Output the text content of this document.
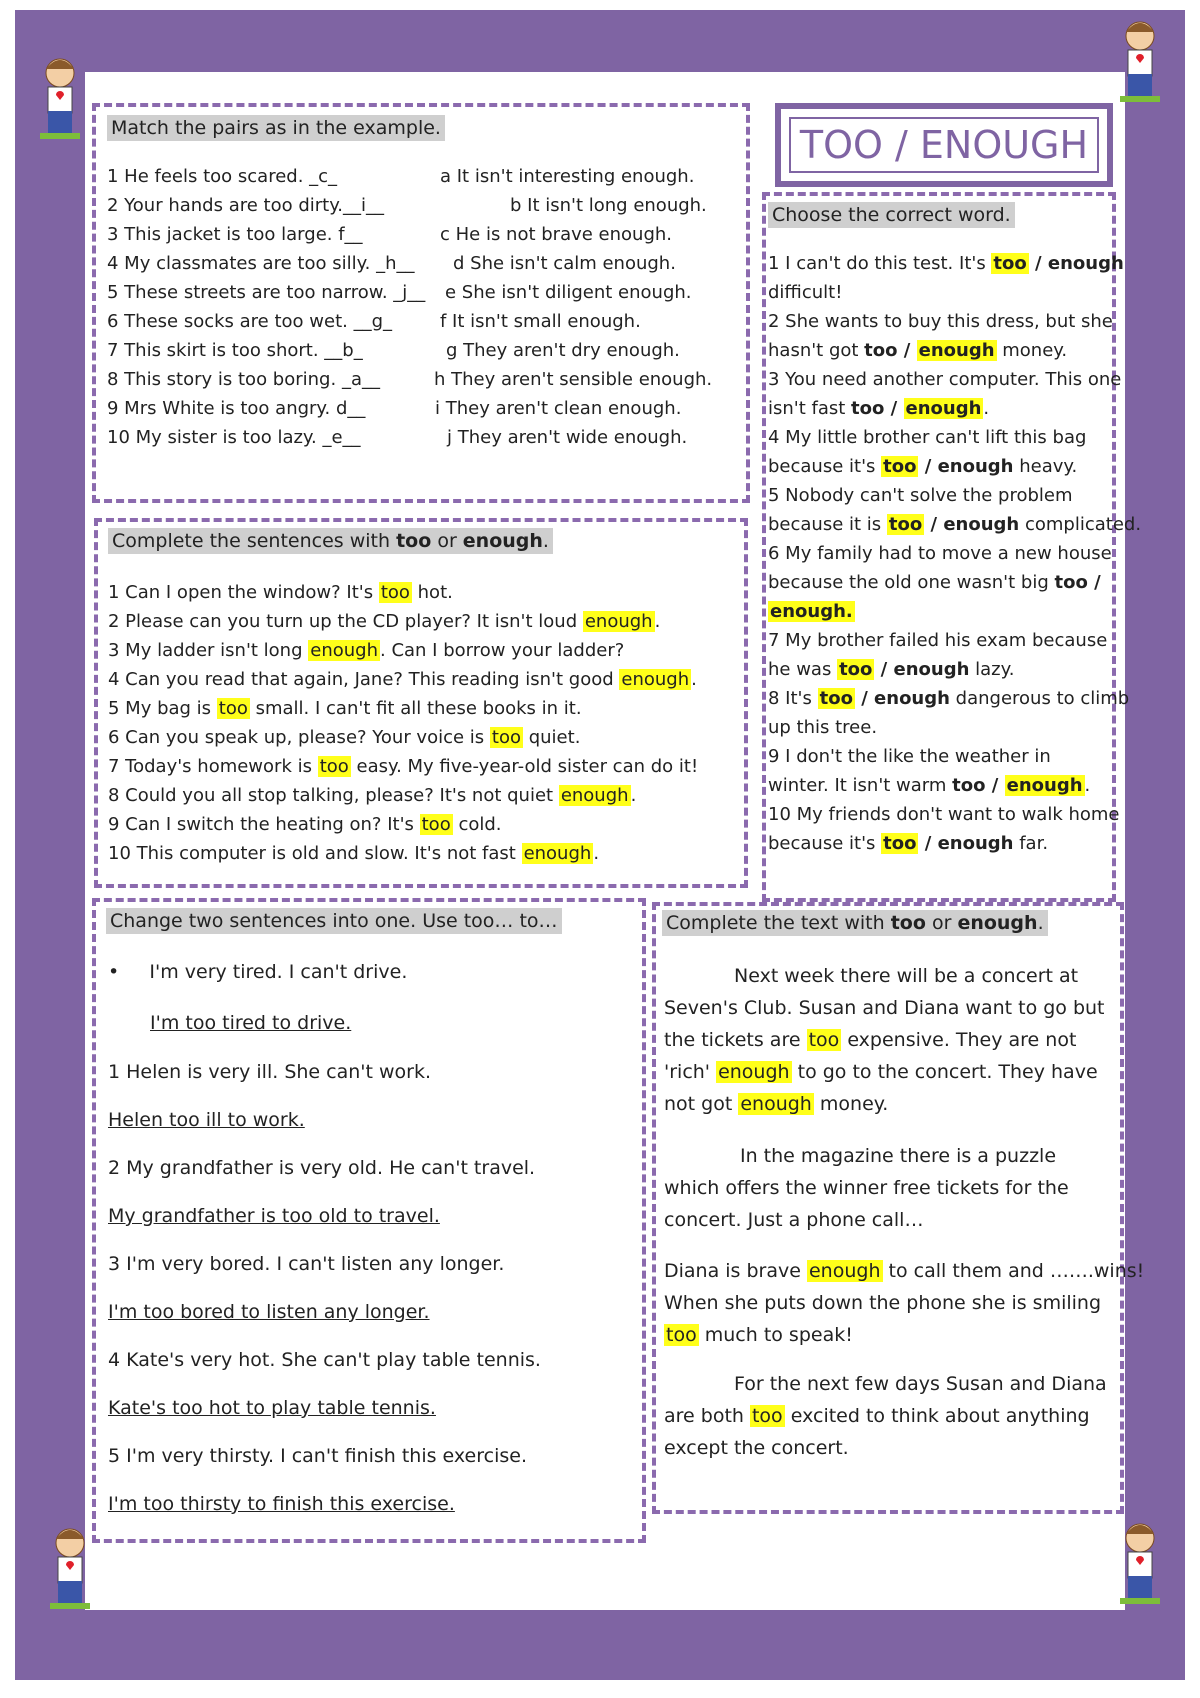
TOO / ENOUGH
Match the pairs as in the example.
1 He feels too scared. _c_
2 Your hands are too dirty.__i__
3 This jacket is too large. f__
4 My classmates are too silly. _h__
5 These streets are too narrow. _j__
6 These socks are too wet. __g_
7 This skirt is too short. __b_
8 This story is too boring. _a__
9 Mrs White is too angry. d__
10 My sister is too lazy. _e__
a It isn't interesting enough.
b It isn't long enough.
c He is not brave enough.
d She isn't calm enough.
e She isn't diligent enough.
f It isn't small enough.
g They aren't dry enough.
h They aren't sensible enough.
i They aren't clean enough.
j They aren't wide enough.
Complete the sentences with too or enough.
1 Can I open the window? It's too hot.
2 Please can you turn up the CD player? It isn't loud enough .
3 My ladder isn't long enough . Can I borrow your ladder?
4 Can you read that again, Jane? This reading isn't good enough .
5 My bag is too small. I can't fit all these books in it.
6 Can you speak up, please? Your voice is too quiet.
7 Today's homework is too easy. My five-year-old sister can do it!
8 Could you all stop talking, please? It's not quiet enough .
9 Can I switch the heating on? It's too cold.
10 This computer is old and slow. It's not fast enough .
Choose the correct word.
1 I can't do this test. It's too / enough
difficult!
2 She wants to buy this dress, but she
hasn't got too / enough money.
3 You need another computer. This one
isn't fast too / enough .
4 My little brother can't lift this bag
because it's too / enough heavy.
5 Nobody can't solve the problem
because it is too / enough complicated.
6 My family had to move a new house
because the old one wasn't big too /
enough.
7 My brother failed his exam because
he was too / enough lazy.
8 It's too / enough dangerous to climb
up this tree.
9 I don't the like the weather in
winter. It isn't warm too / enough .
10 My friends don't want to walk home
because it's too / enough far.
Change two sentences into one. Use too… to…
•     I'm very tired. I can't drive.
I'm too tired to drive.
1 Helen is very ill. She can't work.
Helen too ill to work.
2 My grandfather is very old. He can't travel.
My grandfather is too old to travel.
3 I'm very bored. I can't listen any longer.
I'm too bored to listen any longer.
4 Kate's very hot. She can't play table tennis.
Kate's too hot to play table tennis.
5 I'm very thirsty. I can't finish this exercise.
I'm too thirsty to finish this exercise.
Complete the text with too or enough.
Next week there will be a concert at
Seven's Club. Susan and Diana want to go but
the tickets are too expensive. They are not
'rich' enough to go to the concert. They have
not got enough money.
In the magazine there is a puzzle
which offers the winner free tickets for the
concert. Just a phone call…
Diana is brave enough to call them and …….wins!
When she puts down the phone she is smiling
too much to speak!
For the next few days Susan and Diana
are both too excited to think about anything
except the concert.
